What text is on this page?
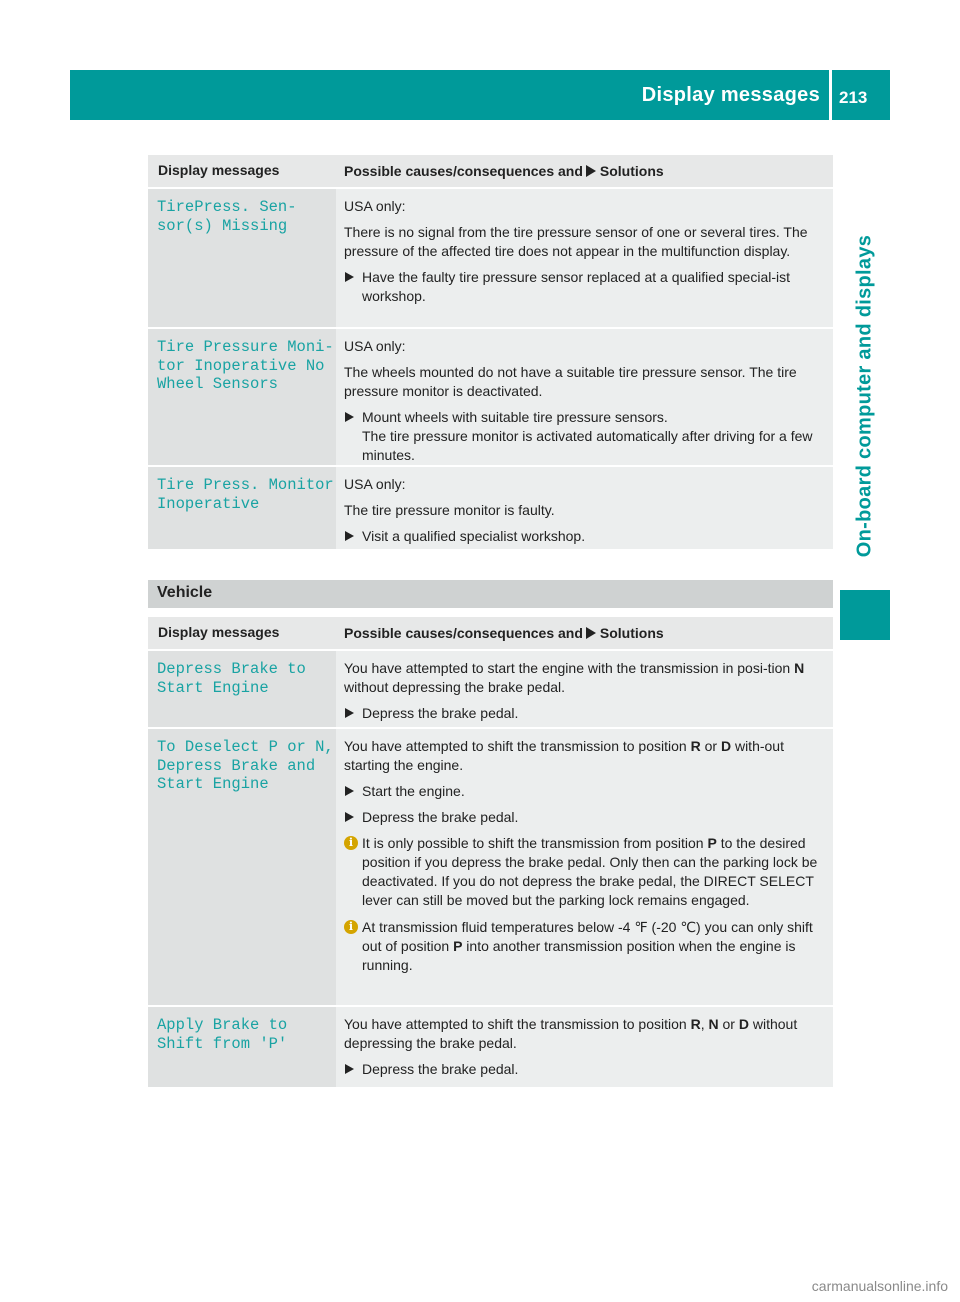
Display messages 213
On-board computer and displays
Display messages	Possible causes/consequences and Solutions
TirePress. Sen‐
sor(s) Missing

USA only:

There is no signal from the tire pressure sensor of one or several tires. The pressure of the affected tire does not appear in the multifunction display.

Have the faulty tire pressure sensor replaced at a qualified special‐ist workshop.
Tire Pressure Moni‐
tor Inoperative No
Wheel Sensors

USA only:

The wheels mounted do not have a suitable tire pressure sensor. The tire pressure monitor is deactivated.

Mount wheels with suitable tire pressure sensors.
The tire pressure monitor is activated automatically after driving for a few minutes.
Tire Press. Monitor
Inoperative

USA only:

The tire pressure monitor is faulty.

Visit a qualified specialist workshop.
Vehicle
Display messages	Possible causes/consequences and Solutions
Depress Brake to
Start Engine

You have attempted to start the engine with the transmission in posi‐tion N without depressing the brake pedal.

Depress the brake pedal.
To Deselect P or N,
Depress Brake and
Start Engine

You have attempted to shift the transmission to position R or D with‐out starting the engine.

Start the engine.
Depress the brake pedal.
i It is only possible to shift the transmission from position P to the desired position if you depress the brake pedal. Only then can the parking lock be deactivated. If you do not depress the brake pedal, the DIRECT SELECT lever can still be moved but the parking lock remains engaged.
i At transmission fluid temperatures below -4 ℉ (-20 ℃) you can only shift out of position P into another transmission position when the engine is running.
Apply Brake to
Shift from 'P'

You have attempted to shift the transmission to position R, N or D without depressing the brake pedal.

Depress the brake pedal.
carmanualsonline.info
